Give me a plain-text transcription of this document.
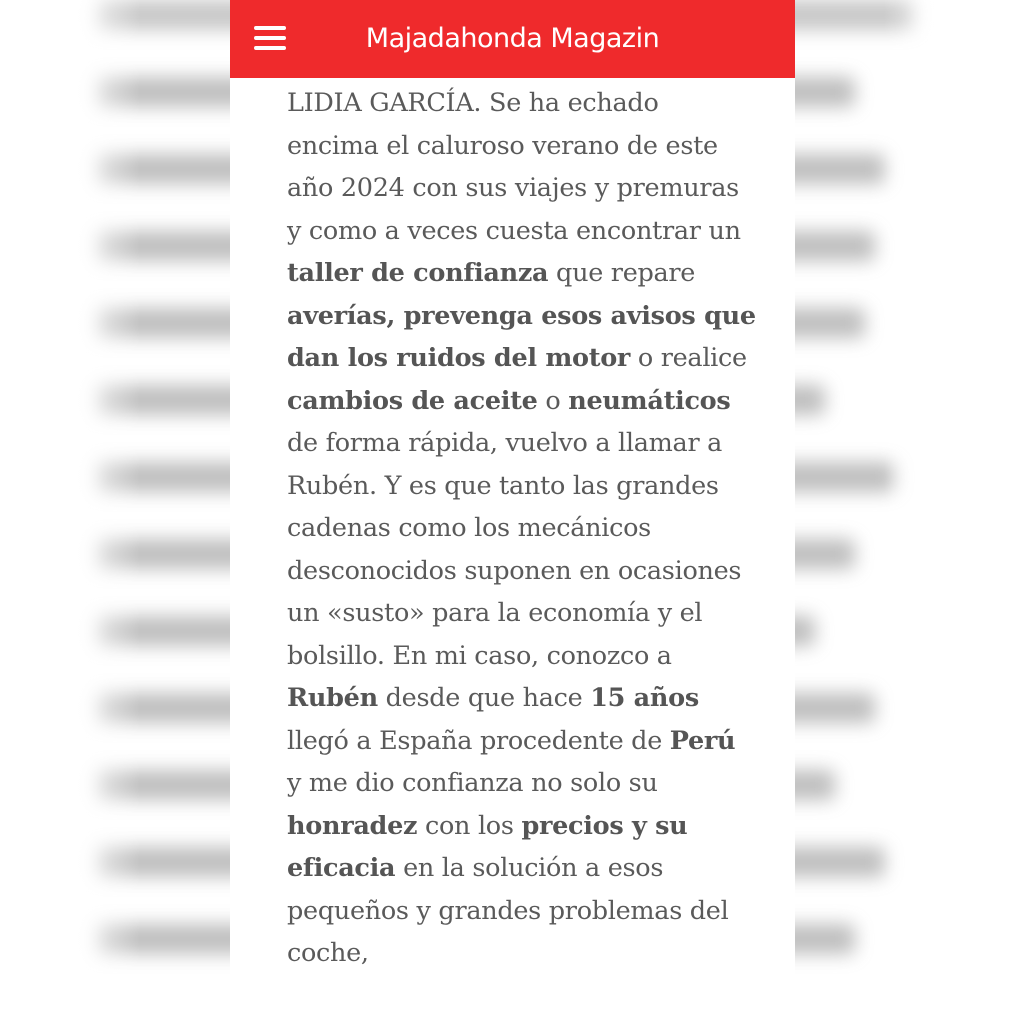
Majadahonda Magazin

LIDIA GARCÍA. Se ha echado encima el caluroso verano de este año 2024 con sus viajes y premuras y como a veces cuesta encontrar un taller de confianza que repare averías, prevenga esos avisos que dan los ruidos del motor o realice cambios de aceite o neumáticos de forma rápida, vuelvo a llamar a Rubén. Y es que tanto las grandes cadenas como los mecánicos desconocidos suponen en ocasiones un «susto» para la economía y el bolsillo. En mi caso, conozco a Rubén desde que hace 15 años llegó a España procedente de Perú y me dio confianza no solo su honradez con los precios y su eficacia en la solución a esos pequeños y grandes problemas del coche,
